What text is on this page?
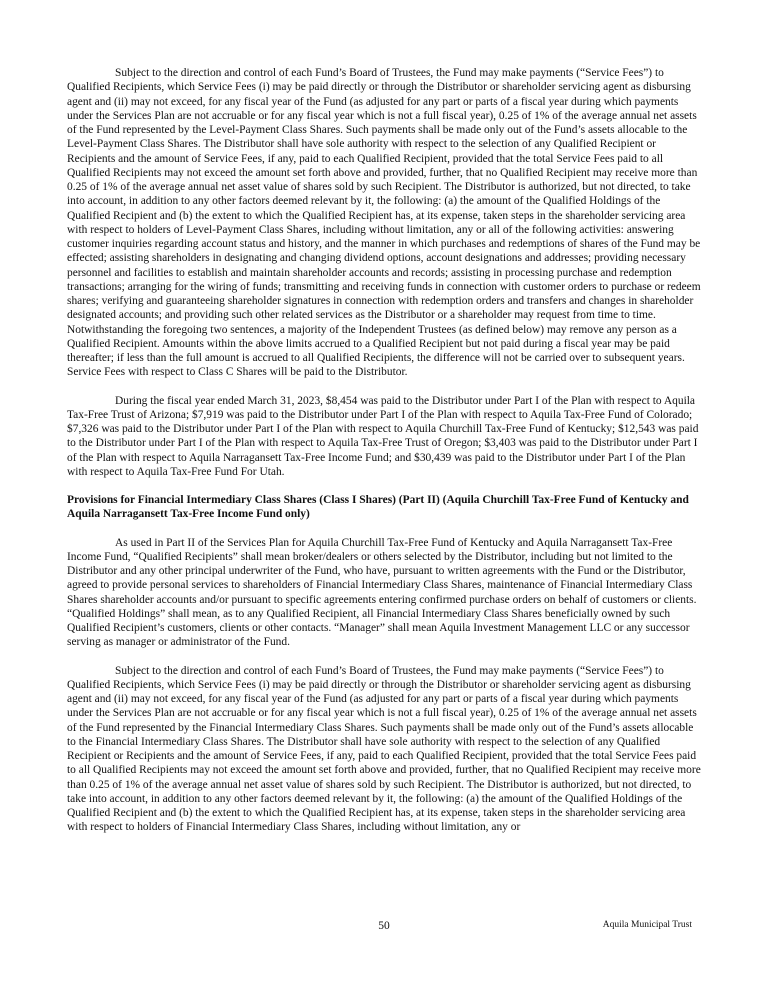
Subject to the direction and control of each Fund’s Board of Trustees, the Fund may make payments (“Service Fees”) to Qualified Recipients, which Service Fees (i) may be paid directly or through the Distributor or shareholder servicing agent as disbursing agent and (ii) may not exceed, for any fiscal year of the Fund (as adjusted for any part or parts of a fiscal year during which payments under the Services Plan are not accruable or for any fiscal year which is not a full fiscal year), 0.25 of 1% of the average annual net assets of the Fund represented by the Level-Payment Class Shares. Such payments shall be made only out of the Fund’s assets allocable to the Level-Payment Class Shares. The Distributor shall have sole authority with respect to the selection of any Qualified Recipient or Recipients and the amount of Service Fees, if any, paid to each Qualified Recipient, provided that the total Service Fees paid to all Qualified Recipients may not exceed the amount set forth above and provided, further, that no Qualified Recipient may receive more than 0.25 of 1% of the average annual net asset value of shares sold by such Recipient. The Distributor is authorized, but not directed, to take into account, in addition to any other factors deemed relevant by it, the following: (a) the amount of the Qualified Holdings of the Qualified Recipient and (b) the extent to which the Qualified Recipient has, at its expense, taken steps in the shareholder servicing area with respect to holders of Level-Payment Class Shares, including without limitation, any or all of the following activities: answering customer inquiries regarding account status and history, and the manner in which purchases and redemptions of shares of the Fund may be effected; assisting shareholders in designating and changing dividend options, account designations and addresses; providing necessary personnel and facilities to establish and maintain shareholder accounts and records; assisting in processing purchase and redemption transactions; arranging for the wiring of funds; transmitting and receiving funds in connection with customer orders to purchase or redeem shares; verifying and guaranteeing shareholder signatures in connection with redemption orders and transfers and changes in shareholder designated accounts; and providing such other related services as the Distributor or a shareholder may request from time to time. Notwithstanding the foregoing two sentences, a majority of the Independent Trustees (as defined below) may remove any person as a Qualified Recipient. Amounts within the above limits accrued to a Qualified Recipient but not paid during a fiscal year may be paid thereafter; if less than the full amount is accrued to all Qualified Recipients, the difference will not be carried over to subsequent years. Service Fees with respect to Class C Shares will be paid to the Distributor.

During the fiscal year ended March 31, 2023, $8,454 was paid to the Distributor under Part I of the Plan with respect to Aquila Tax-Free Trust of Arizona; $7,919 was paid to the Distributor under Part I of the Plan with respect to Aquila Tax-Free Fund of Colorado; $7,326 was paid to the Distributor under Part I of the Plan with respect to Aquila Churchill Tax-Free Fund of Kentucky; $12,543 was paid to the Distributor under Part I of the Plan with respect to Aquila Tax-Free Trust of Oregon; $3,403 was paid to the Distributor under Part I of the Plan with respect to Aquila Narragansett Tax-Free Income Fund; and $30,439 was paid to the Distributor under Part I of the Plan with respect to Aquila Tax-Free Fund For Utah.

Provisions for Financial Intermediary Class Shares (Class I Shares) (Part II) (Aquila Churchill Tax-Free Fund of Kentucky and Aquila Narragansett Tax-Free Income Fund only)

As used in Part II of the Services Plan for Aquila Churchill Tax-Free Fund of Kentucky and Aquila Narragansett Tax-Free Income Fund, “Qualified Recipients” shall mean broker/dealers or others selected by the Distributor, including but not limited to the Distributor and any other principal underwriter of the Fund, who have, pursuant to written agreements with the Fund or the Distributor, agreed to provide personal services to shareholders of Financial Intermediary Class Shares, maintenance of Financial Intermediary Class Shares shareholder accounts and/or pursuant to specific agreements entering confirmed purchase orders on behalf of customers or clients. “Qualified Holdings” shall mean, as to any Qualified Recipient, all Financial Intermediary Class Shares beneficially owned by such Qualified Recipient’s customers, clients or other contacts. “Manager” shall mean Aquila Investment Management LLC or any successor serving as manager or administrator of the Fund.

Subject to the direction and control of each Fund’s Board of Trustees, the Fund may make payments (“Service Fees”) to Qualified Recipients, which Service Fees (i) may be paid directly or through the Distributor or shareholder servicing agent as disbursing agent and (ii) may not exceed, for any fiscal year of the Fund (as adjusted for any part or parts of a fiscal year during which payments under the Services Plan are not accruable or for any fiscal year which is not a full fiscal year), 0.25 of 1% of the average annual net assets of the Fund represented by the Financial Intermediary Class Shares. Such payments shall be made only out of the Fund’s assets allocable to the Financial Intermediary Class Shares. The Distributor shall have sole authority with respect to the selection of any Qualified Recipient or Recipients and the amount of Service Fees, if any, paid to each Qualified Recipient, provided that the total Service Fees paid to all Qualified Recipients may not exceed the amount set forth above and provided, further, that no Qualified Recipient may receive more than 0.25 of 1% of the average annual net asset value of shares sold by such Recipient. The Distributor is authorized, but not directed, to take into account, in addition to any other factors deemed relevant by it, the following: (a) the amount of the Qualified Holdings of the Qualified Recipient and (b) the extent to which the Qualified Recipient has, at its expense, taken steps in the shareholder servicing area with respect to holders of Financial Intermediary Class Shares, including without limitation, any or

50	Aquila Municipal Trust
